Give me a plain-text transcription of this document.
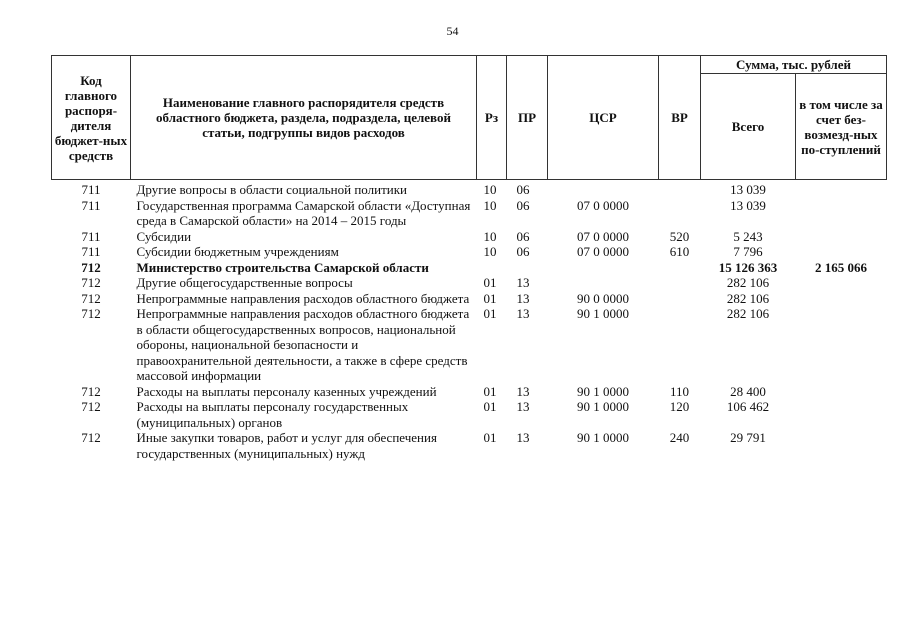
54
Код главного распоря-дителя бюджет-ных средств	Наименование главного распорядителя средств областного бюджета, раздела, подраздела, целевой статьи, подгруппы видов расходов	Рз	ПР	ЦСР	ВР	Сумма, тыс. рублей	
						Всего	в том числе за счет без-возмезд-ных по-ступлений
711	Другие вопросы в области социальной политики	10	06			13 039	
711	Государственная программа Самарской области «Доступная среда в Самарской области» на 2014 – 2015 годы	10	06	07 0 0000		13 039	
711	Субсидии	10	06	07 0 0000	520	5 243	
711	Субсидии бюджетным учреждениям	10	06	07 0 0000	610	7 796	
712	Министерство строительства Самарской области					15 126 363	2 165 066
712	Другие общегосударственные вопросы	01	13			282 106	
712	Непрограммные направления расходов областного бюджета	01	13	90 0 0000		282 106	
712	Непрограммные направления расходов областного бюджета в области общегосударственных вопросов, национальной обороны, национальной безопасности и правоохранительной деятельности, а также в сфере средств массовой информации	01	13	90 1 0000		282 106	
712	Расходы на выплаты персоналу казенных учреждений	01	13	90 1 0000	110	28 400	
712	Расходы на выплаты персоналу государственных (муниципальных) органов	01	13	90 1 0000	120	106 462	
712	Иные закупки товаров, работ и услуг для обеспечения государственных (муниципальных) нужд	01	13	90 1 0000	240	29 791	
